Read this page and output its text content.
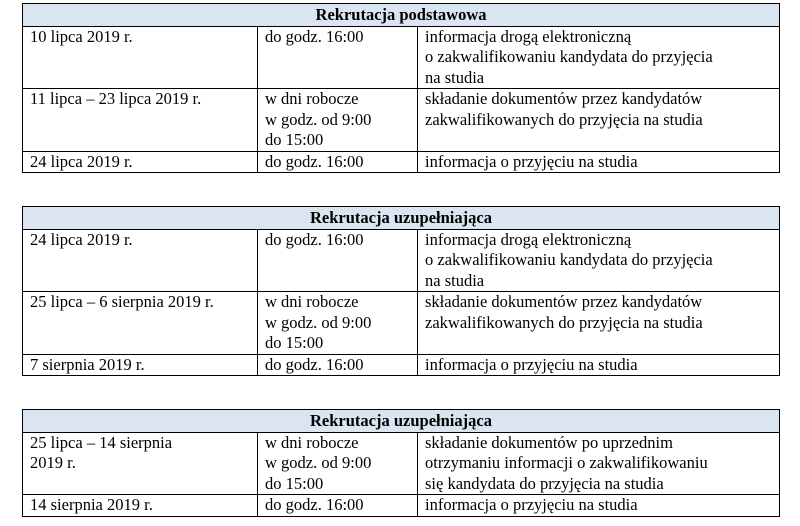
Rekrutacja podstawowa		

10 lipca 2019 r.	do godz. 16:00	informacja drogą elektroniczną
o zakwalifikowaniu kandydata do przyjęcia
na studia

11 lipca – 23 lipca 2019 r.	w dni robocze
w godz. od 9:00
do 15:00	składanie dokumentów przez kandydatów
zakwalifikowanych do przyjęcia na studia

24 lipca 2019 r.	do godz. 16:00	informacja o przyjęciu na studia
Rekrutacja uzupełniająca		

24 lipca 2019 r.	do godz. 16:00	informacja drogą elektroniczną
o zakwalifikowaniu kandydata do przyjęcia
na studia

25 lipca – 6 sierpnia 2019 r.	w dni robocze
w godz. od 9:00
do 15:00	składanie dokumentów przez kandydatów
zakwalifikowanych do przyjęcia na studia

7 sierpnia 2019 r.	do godz. 16:00	informacja o przyjęciu na studia
Rekrutacja uzupełniająca		

25 lipca – 14 sierpnia
2019 r.	w dni robocze
w godz. od 9:00
do 15:00	składanie dokumentów po uprzednim
otrzymaniu informacji o zakwalifikowaniu
się kandydata do przyjęcia na studia

14 sierpnia 2019 r.	do godz. 16:00	informacja o przyjęciu na studia
